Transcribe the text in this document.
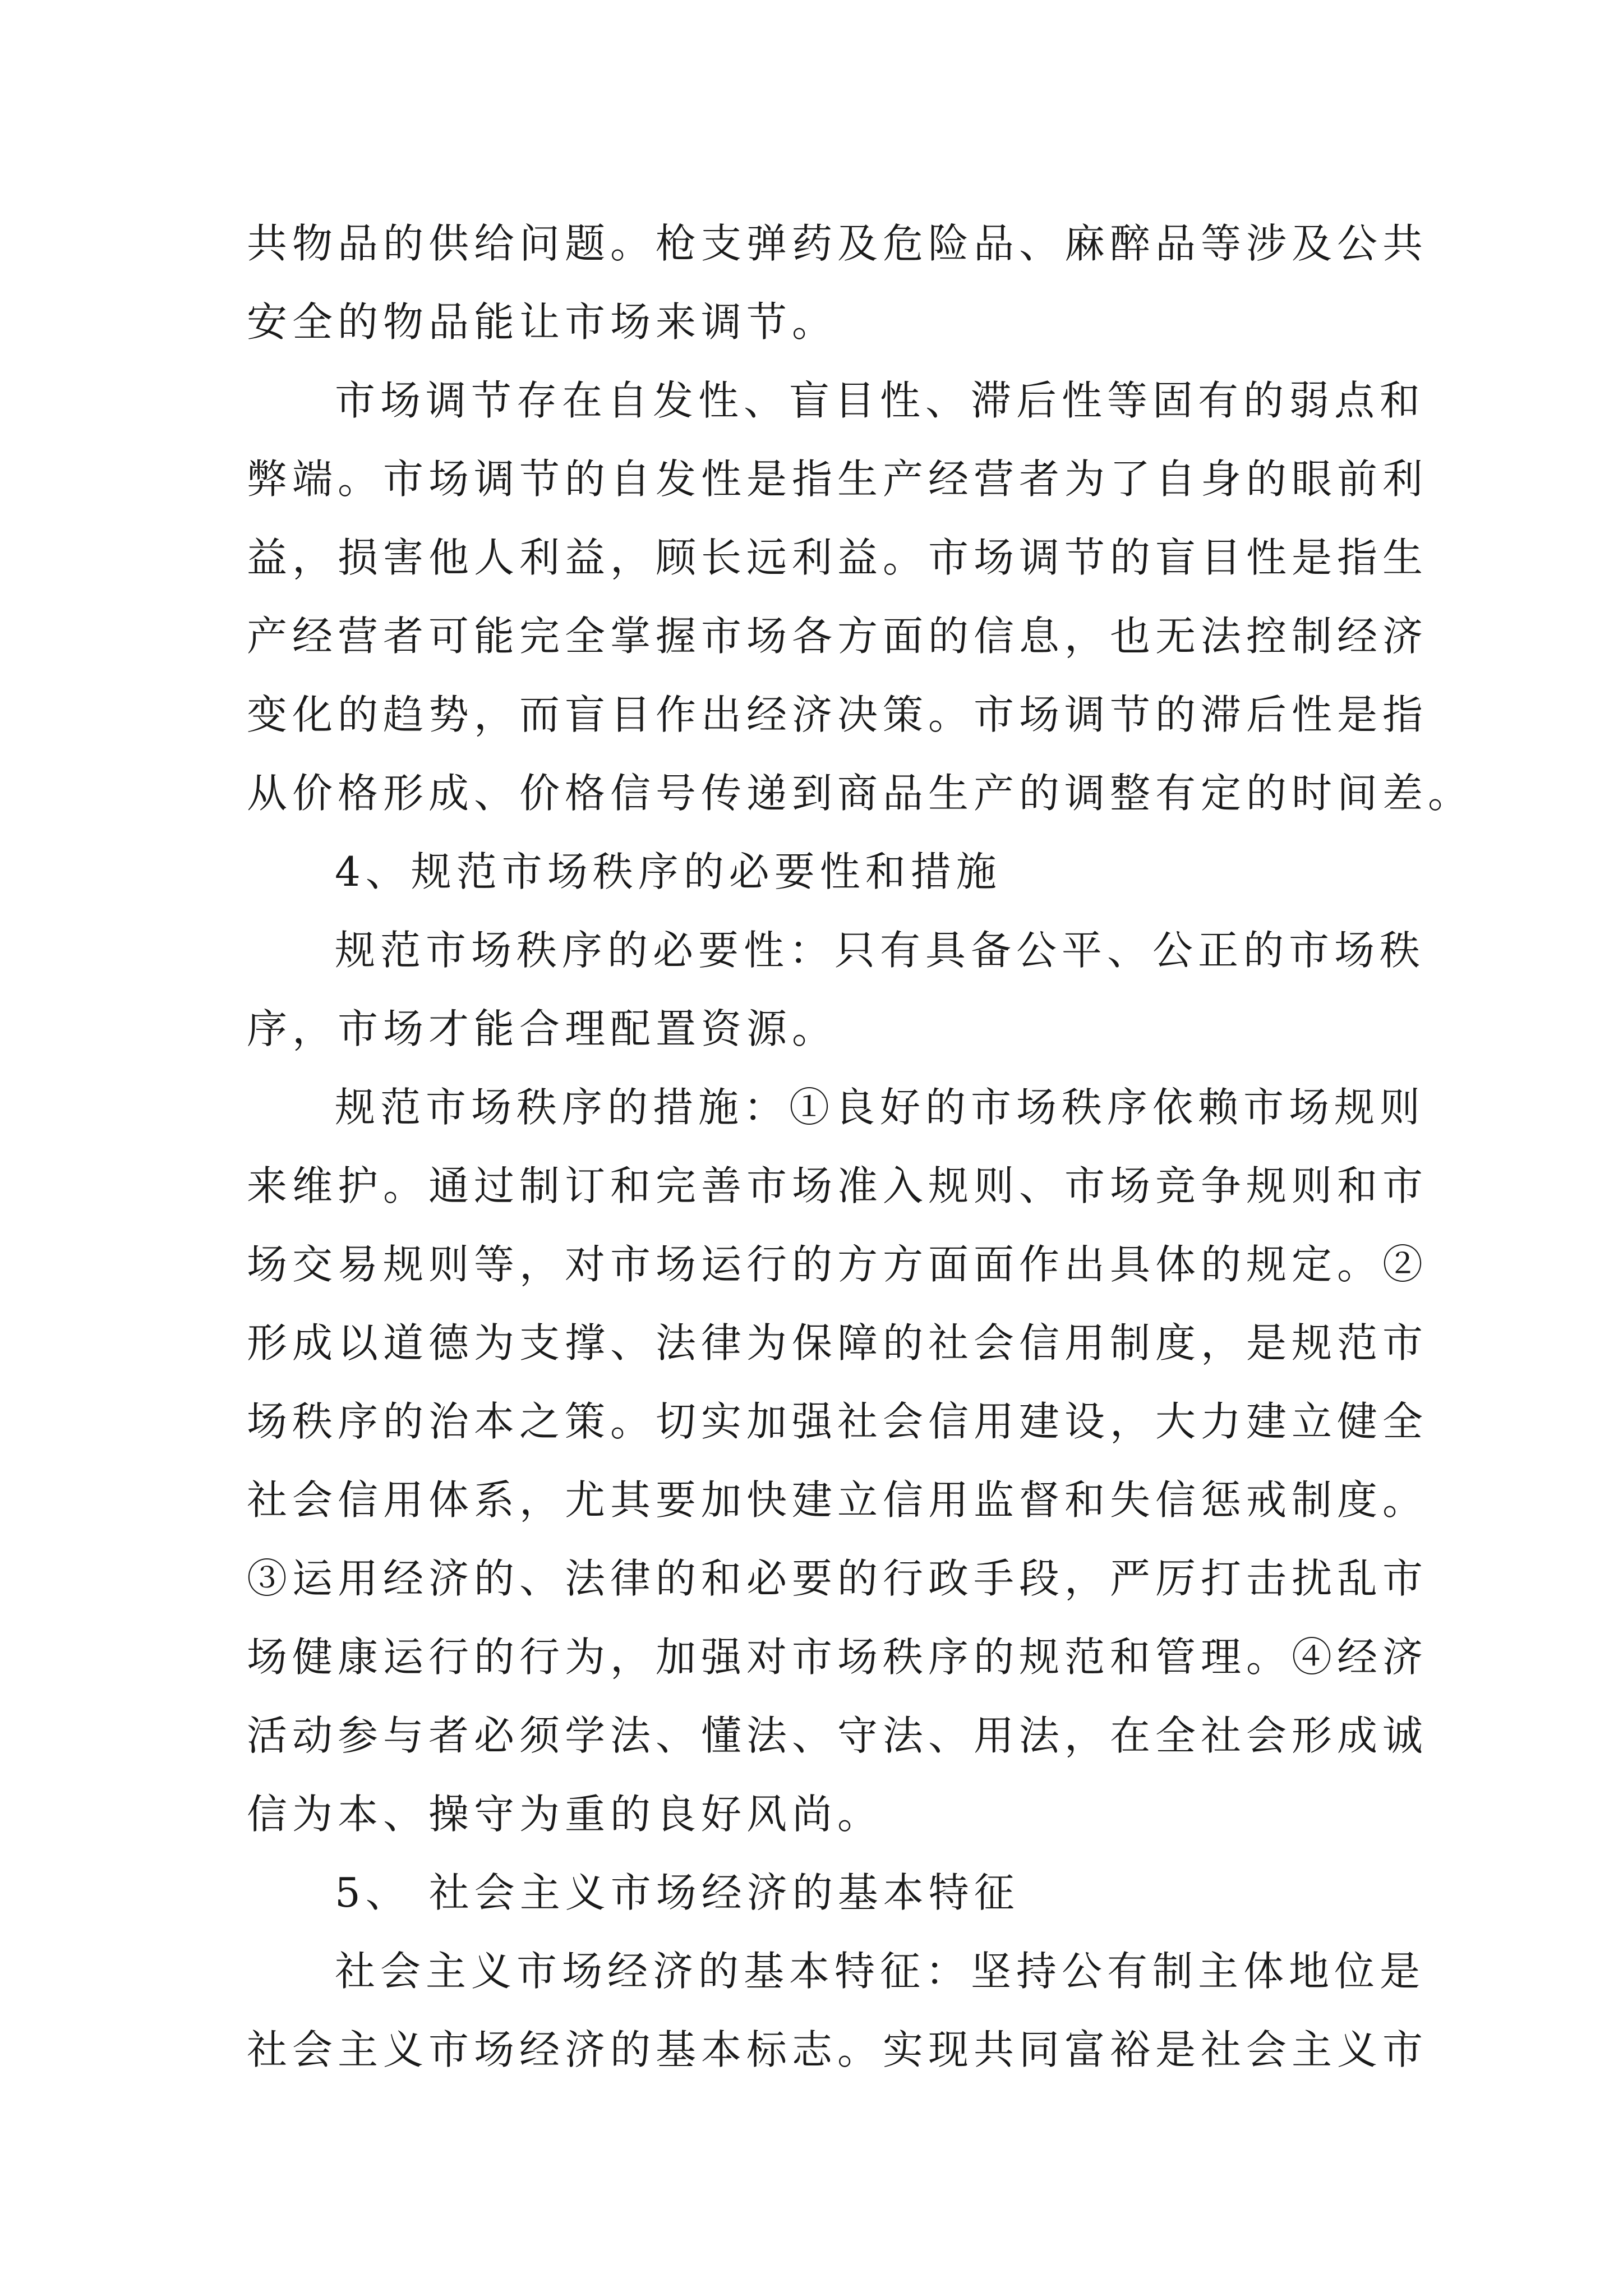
共物品的供给问题。枪支弹药及危险品、麻醉品等涉及公共
安全的物品能让市场来调节。
市场调节存在自发性、盲目性、滞后性等固有的弱点和
弊端。市场调节的自发性是指生产经营者为了自身的眼前利
益，损害他人利益，顾长远利益。市场调节的盲目性是指生
产经营者可能完全掌握市场各方面的信息，也无法控制经济
变化的趋势，而盲目作出经济决策。市场调节的滞后性是指
从价格形成、价格信号传递到商品生产的调整有定的时间差。
4、规范市场秩序的必要性和措施
规范市场秩序的必要性：只有具备公平、公正的市场秩
序，市场才能合理配置资源。
规范市场秩序的措施：①良好的市场秩序依赖市场规则
来维护。通过制订和完善市场准入规则、市场竞争规则和市
场交易规则等，对市场运行的方方面面作出具体的规定。②
形成以道德为支撑、法律为保障的社会信用制度，是规范市
场秩序的治本之策。切实加强社会信用建设，大力建立健全
社会信用体系，尤其要加快建立信用监督和失信惩戒制度。
③运用经济的、法律的和必要的行政手段，严厉打击扰乱市
场健康运行的行为，加强对市场秩序的规范和管理。④经济
活动参与者必须学法、懂法、守法、用法，在全社会形成诚
信为本、操守为重的良好风尚。
5、 社会主义市场经济的基本特征
社会主义市场经济的基本特征：坚持公有制主体地位是
社会主义市场经济的基本标志。实现共同富裕是社会主义市
